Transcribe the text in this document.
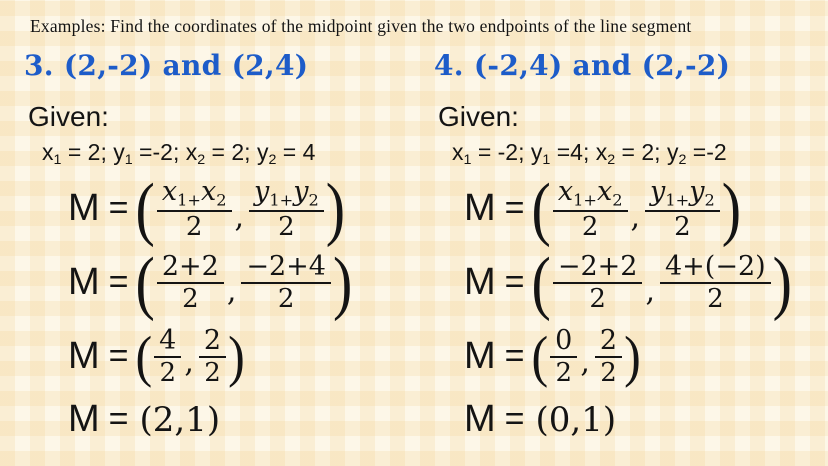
Examples: Find the coordinates of the midpoint given the two endpoints of the line segment
3. (2,-2) and (2,4)
Given:
x1 = 2; y1 =-2; x2 = 2; y2 = 4
M = ( $\frac{x1+x2}{2}$ , $\frac{y1+y2}{2}$ )
M = ( $\frac{2+2}{2}$ , $\frac{-2+4}{2}$ )
M = ( $\frac{4}{2}$ , $\frac{2}{2}$ )
M = (2,1)
4. (-2,4) and (2,-2)
Given:
x1 = -2; y1 =4; x2 = 2; y2 =-2
M = ( $\frac{x1+x2}{2}$ , $\frac{y1+y2}{2}$ )
M = ( $\frac{-2+2}{2}$ , $\frac{4+(-2)}{2}$ )
M = ( $\frac{0}{2}$ , $\frac{2}{2}$ )
M = (0,1)
